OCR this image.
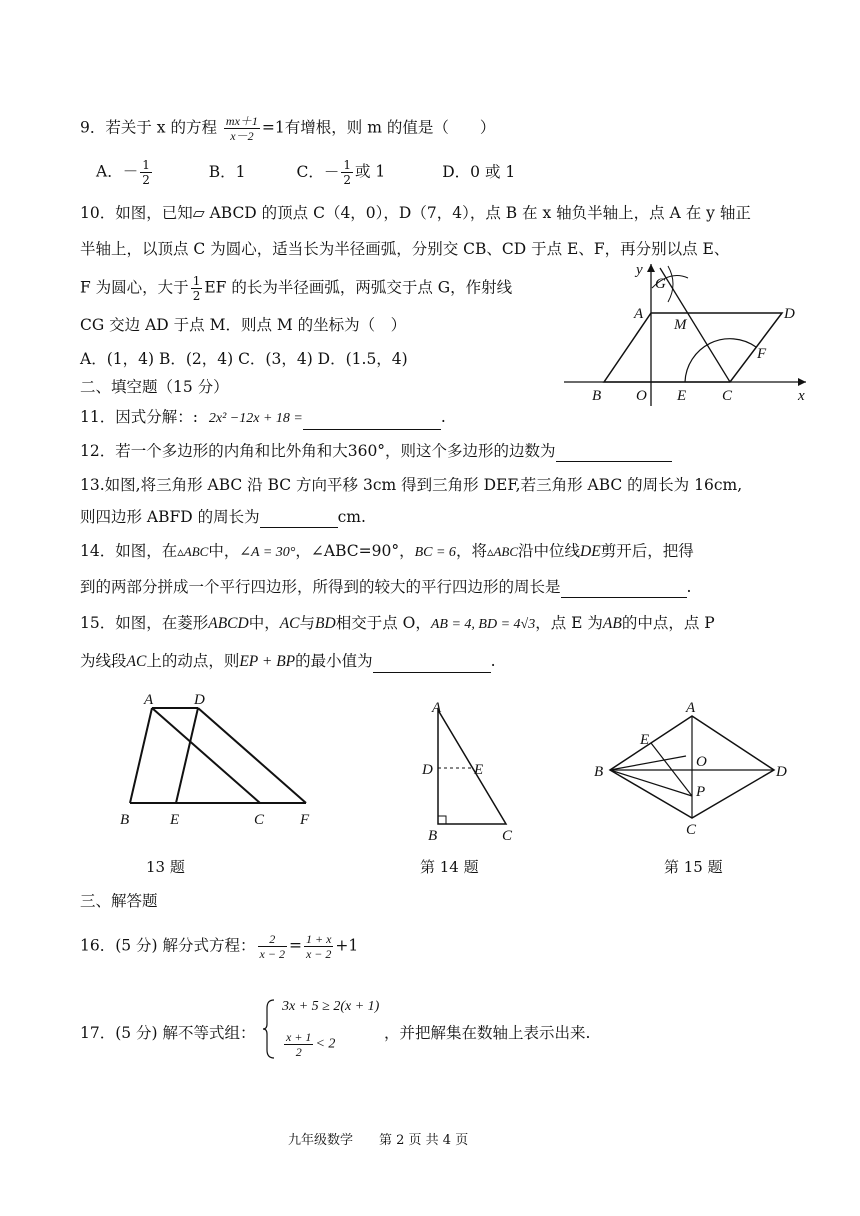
9．若关于 x 的方程 $\frac{mx+1}{x-2} =1$有增根，则 m 的值是（　　）
A．－ $\frac{1}{2}$	B．1	C．－ $\frac{1}{2}$ 或 1	D．0 或 1
10．如图，已知▱ ABCD 的顶点 C（4，0），D（7，4），点 B 在 x 轴负半轴上，点 A 在 y 轴正
半轴上，以顶点 C 为圆心，适当长为半径画弧，分别交 CB、CD 于点 E、F，再分别以点 E、
F 为圆心，大于 $\frac{1}{2}$ EF 的长为半径画弧，两弧交于点 G，作射线
CG 交边 AD 于点 M．则点 M 的坐标为（　）
A．(1，4) B．(2，4) C．(3，4) D．(1.5，4)
y
x
G
A
M
D
F
B O E C
二、填空题（15 分）
11．因式分解：: 2x² −12x + 18 =	.
12．若一个多边形的内角和比外角和大360°，则这个多边形的边数为
13.如图,将三角形 ABC 沿 BC 方向平移 3cm 得到三角形 DEF,若三角形 ABC 的周长为 16cm,
则四边形 ABFD 的周长为	cm.
14．如图，在▵ABC中，∠A = 30°，∠ABC=90°，BC = 6，将▵ABC沿中位线DE剪开后，把得
到的两部分拼成一个平行四边形，所得到的较大的平行四边形的周长是	.
15．如图，在菱形ABCD中，AC与BD相交于点 O，AB = 4, BD = 4√3，点 E 为AB的中点，点 P
为线段AC上的动点，则EP + BP的最小值为	.
A	D
B	E	C F
13 题
A
D	E
B	C
第 14 题
A
E
O
B	D
P
C
第 15 题
三、解答题
16．(5 分) 解分式方程： $\frac{2}{x - 2} = \frac{1 + x}{x - 2} +1$
17．(5 分) 解不等式组：
3x + 5 ≥ 2(x + 1)
$\frac{x + 1}{2} < 2$
，并把解集在数轴上表示出来.
九年级数学　　第 2 页 共 4 页
